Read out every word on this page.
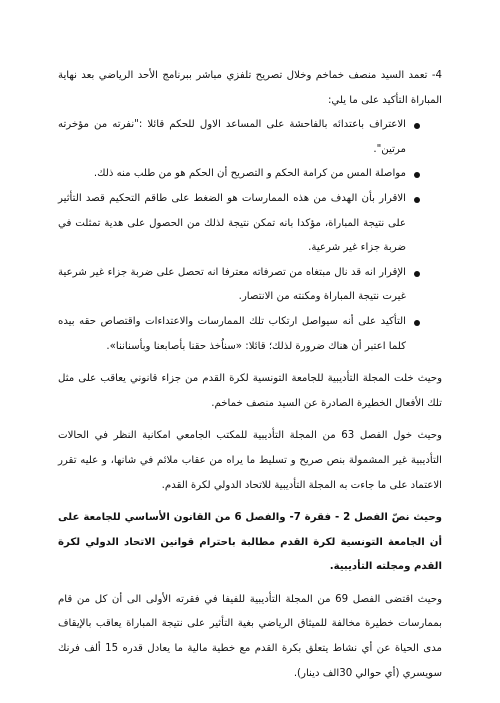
4- تعمد السيد منصف خماخم وخلال تصريح تلفزي مباشر ببرنامج الأحد الرياضي بعد نهاية المباراة التأكيد على ما يلي:

الاعتراف باعتدائه بالفاحشة على المساعد الاول للحكم قائلا :"نفرته من مؤخرته مرتين".
مواصلة المس من كرامة الحكم و التصريح أن الحكم هو من طلب منه ذلك.
الاقرار بأن الهدف من هذه الممارسات هو الضغط على طاقم التحكيم قصد التأثير على نتيجة المباراة، مؤكدا بانه تمكن نتيجة لذلك من الحصول على هدية تمثلت في ضربة جزاء غير شرعية.
الإقرار انه قد نال مبتغاه من تصرفاته معترفا انه تحصل على ضربة جزاء غير شرعية غيرت نتيجة المباراة ومكنته من الانتصار.
التأكيد على أنه سيواصل ارتكاب تلك الممارسات والاعتداءات واقتصاص حقه بيده كلما اعتبر أن هناك ضرورة لذلك؛ قائلا: «سناُخذ حقنا بأصابعنا وبأسناننا».

وحيث خلت المجلة التأديبية للجامعة التونسية لكرة القدم من جزاء قانوني يعاقب على مثل تلك الأفعال الخطيرة الصادرة عن السيد منصف خماخم.

وحيث خول الفصل 63 من المجلة التأديبية للمكتب الجامعي امكانية النظر في الحالات التأديبية غير المشمولة بنص صريح و تسليط ما يراه من عقاب ملائم في شانها، و عليه تقرر الاعتماد على ما جاءت به المجلة التأديبية للاتحاد الدولي لكرة القدم.

وحيث نصّ الفصل 2 - فقرة 7- والفصل 6 من القانون الأساسي للجامعة على أن الجامعة التونسية لكرة القدم مطالبة باحترام قوانين الاتحاد الدولي لكرة القدم ومجلته التأديبية.

وحيث اقتضى الفصل 69 من المجلة التأديبية للفيفا في فقرته الأولى الى أن كل من قام بممارسات خطيرة مخالفة للميثاق الرياضي بغية التأثير على نتيجة المباراة يعاقب بالإيقاف مدى الحياة عن أي نشاط يتعلق بكرة القدم مع خطية مالية ما يعادل قدره 15 ألف فرنك سويسري (أي حوالي 30الف دينار).
